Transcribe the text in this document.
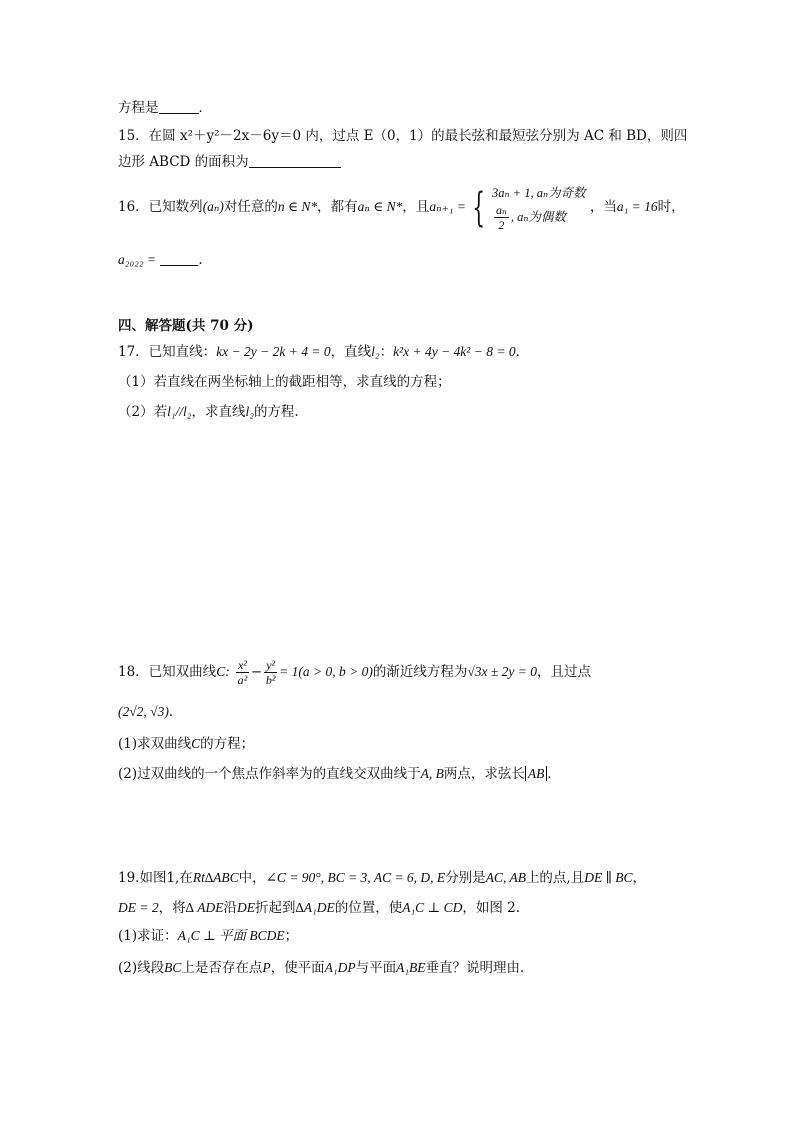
方程是	．
15．在圆 x²＋y²－2x－6y＝0 内，过点 E（0，1）的最长弦和最短弦分别为 AC 和 BD，则四
边形 ABCD 的面积为
16．已知数列(aₙ)对任意的n ∈ N*，都有aₙ ∈ N*，且aₙ₊₁ = { 3aₙ + 1, aₙ为奇数
$\frac{\text{aₙ}}{2}$ , aₙ为偶数
，当a₁ = 16时，
a₂₀₂₂ =	.
四、解答题(共 70 分)
17．已知直线：kx − 2y − 2k + 4 = 0，直线l₂：k²x + 4y − 4k² − 8 = 0．
（1）若直线在两坐标轴上的截距相等，求直线的方程；
（2）若l₁//l₂，求直线l₂的方程.
18．已知双曲线C: $\frac{\text{x²}}{\text{a²}} - \frac{\text{y²}}{\text{b²}} = 1(a > 0$, b > 0)的渐近线方程为√3x ± 2y = 0，且过点
(2√2, √3)．
(1)求双曲线C的方程；
(2)过双曲线的一个焦点作斜率为的直线交双曲线于A, B两点，求弦长 AB ．
19.如图1,在Rt∆ABC中，∠C = 90°, BC = 3, AC = 6, D, E分别是AC, AB上的点,且DE ∥ BC，
DE = 2，将∆ ADE沿DE折起到∆A₁DE的位置，使A₁C ⊥ CD，如图 2.
(1)求证：A₁C ⊥ 平面 BCDE；
(2)线段BC上是否存在点P，使平面A₁DP与平面A₁BE垂直？说明理由．
